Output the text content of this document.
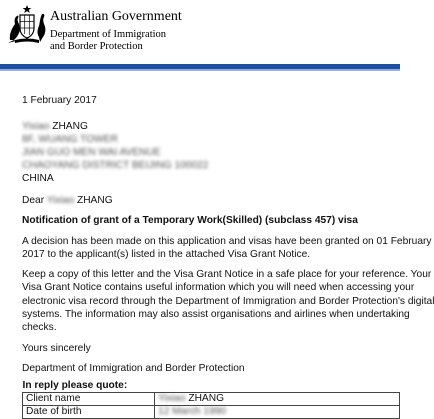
Australian Government
Department of Immigration
and Border Protection
1 February 2017
Yixiao ZHANG
8F, WUANG TOWER
JIAN GUO MEN WAI AVENUE
CHAOYANG DISTRICT BEIJING 100022
CHINA
Dear Yixiao ZHANG
Notification of grant of a Temporary Work(Skilled) (subclass 457) visa
A decision has been made on this application and visas have been granted on 01 February
2017 to the applicant(s) listed in the attached Visa Grant Notice.
Keep a copy of this letter and the Visa Grant Notice in a safe place for your reference. Your
Visa Grant Notice contains useful information which you will need when accessing your
electronic visa record through the Department of Immigration and Border Protection's digital
systems. The information may also assist organisations and airlines when undertaking
checks.
Yours sincerely
Department of Immigration and Border Protection
In reply please quote:	
Client name	Yixiao ZHANG
Date of birth	12 March 1990
